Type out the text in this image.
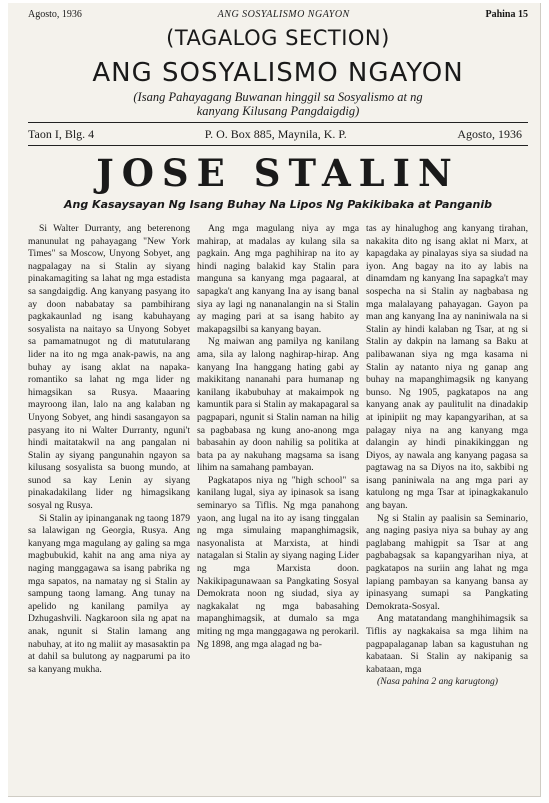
Agosto, 1936	ANG SOSYALISMO NGAYON	Pahina 15
(TAGALOG SECTION)
ANG SOSYALISMO NGAYON
(Isang Pahayagang Buwanan hinggil sa Sosyalismo at ng
kanyang Kilusang Pangdaigdig)
Taon I, Blg. 4	P. O. Box 885, Maynila, K. P.	Agosto, 1936
JOSE STALIN
Ang Kasaysayan Ng Isang Buhay Na Lipos Ng Pakikibaka at Panganib

Si Walter Durranty, ang beterenong manunulat ng pahayagang "New York Times" sa Moscow, Unyong Sobyet, ang nagpalagay na si Stalin ay siyang pinakamagiting sa lahat ng mga estadista sa sangdaigdig. Ang kanyang pasyang ito ay doon nababatay sa pambihirang pagkakaunlad ng isang kabuhayang sosyalista na naitayo sa Unyong Sobyet sa pamamatnugot ng di matutularang lider na ito ng mga anak-pawis, na ang buhay ay isang aklat na napaka-romantiko sa lahat ng mga lider ng himagsikan sa Rusya. Maaaring mayroong ilan, lalo na ang kalaban ng Unyong Sobyet, ang hindi sasangayon sa pasyang ito ni Walter Durranty, nguni't hindi maitatakwil na ang pangalan ni Stalin ay siyang pangunahin ngayon sa kilusang sosyalista sa buong mundo, at sunod sa kay Lenin ay siyang pinakadakilang lider ng himagsikang sosyal ng Rusya.

Si Stalin ay ipinanganak ng taong 1879 sa lalawigan ng Georgia, Rusya. Ang kanyang mga magulang ay galing sa mga magbubukid, kahit na ang ama niya ay naging manggagawa sa isang pabrika ng mga sapatos, na namatay ng si Stalin ay sampung taong lamang. Ang tunay na apelido ng kanilang pamilya ay Dzhugashvili. Nagkaroon sila ng apat na anak, ngunit si Stalin lamang ang nabuhay, at ito ng maliit ay masasaktin pa at dahil sa bulutong ay nagparumi pa ito sa kanyang mukha.

Ang mga magulang niya ay mga mahirap, at madalas ay kulang sila sa pagkain. Ang mga paghihirap na ito ay hindi naging balakid kay Stalin para manguna sa kanyang mga pagaaral, at sapagka't ang kanyang Ina ay isang banal siya ay lagi ng nananalangin na si Stalin ay maging pari at sa isang habito ay makapagsilbi sa kanyang bayan.

Ng maiwan ang pamilya ng kanilang ama, sila ay lalong naghirap-hirap. Ang kanyang Ina hanggang hating gabi ay makikitang nananahi para humanap ng kanilang ikabubuhay at makaimpok ng kamuntik para si Stalin ay makapagaral sa pagpapari, ngunit si Stalin naman na hilig sa pagbabasa ng kung ano-anong mga babasahin ay doon nahilig sa politika at bata pa ay nakuhang magsama sa isang lihim na samahang pambayan.

Pagkatapos niya ng "high school" sa kanilang lugal, siya ay ipinasok sa isang seminaryo sa Tiflis. Ng mga panahong yaon, ang lugal na ito ay isang tinggalan ng mga simulaing mapanghimagsik, nasyonalista at Marxista, at hindi natagalan si Stalin ay siyang naging Lider ng mga Marxista doon. Nakikipagunawaan sa Pangkating Sosyal Demokrata noon ng siudad, siya ay nagkakalat ng mga babasahing mapanghimagsik, at dumalo sa mga miting ng mga manggagawa ng perokaril. Ng 1898, ang mga alagad ng ba-

tas ay hinalughog ang kanyang tirahan, nakakita dito ng isang aklat ni Marx, at kapagdaka ay pinalayas siya sa siudad na iyon. Ang bagay na ito ay labis na dinamdam ng kanyang Ina sapagka't may sospecha na si Stalin ay nagbabasa ng mga malalayang pahayagan. Gayon pa man ang kanyang Ina ay naniniwala na si Stalin ay hindi kalaban ng Tsar, at ng si Stalin ay dakpin na lamang sa Baku at palibawanan siya ng mga kasama ni Stalin ay natanto niya ng ganap ang buhay na mapanghimagsik ng kanyang bunso. Ng 1905, pagkatapos na ang kanyang anak ay paulitulit na dinadakip at ipinipiit ng may kapangyarihan, at sa palagay niya na ang kanyang mga dalangin ay hindi pinakikinggan ng Diyos, ay nawala ang kanyang pagasa sa pagtawag na sa Diyos na ito, sakbibi ng isang paniniwala na ang mga pari ay katulong ng mga Tsar at ipinagkakanulo ang bayan.

Ng si Stalin ay paalisin sa Seminario, ang naging pasiya niya sa buhay ay ang paglabang mahigpit sa Tsar at ang pagbabagsak sa kapangyarihan niya, at pagkatapos na suriin ang lahat ng mga lapiang pambayan sa kanyang bansa ay ipinasyang sumapi sa Pangkating Demokrata-Sosyal.

Ang matatandang manghihimagsik sa Tiflis ay nagkakaisa sa mga lihim na pagpapalaganap laban sa kagustuhan ng kabataan. Si Stalin ay nakipanig sa kabataan, mga

(Nasa pahina 2 ang karugtong)
